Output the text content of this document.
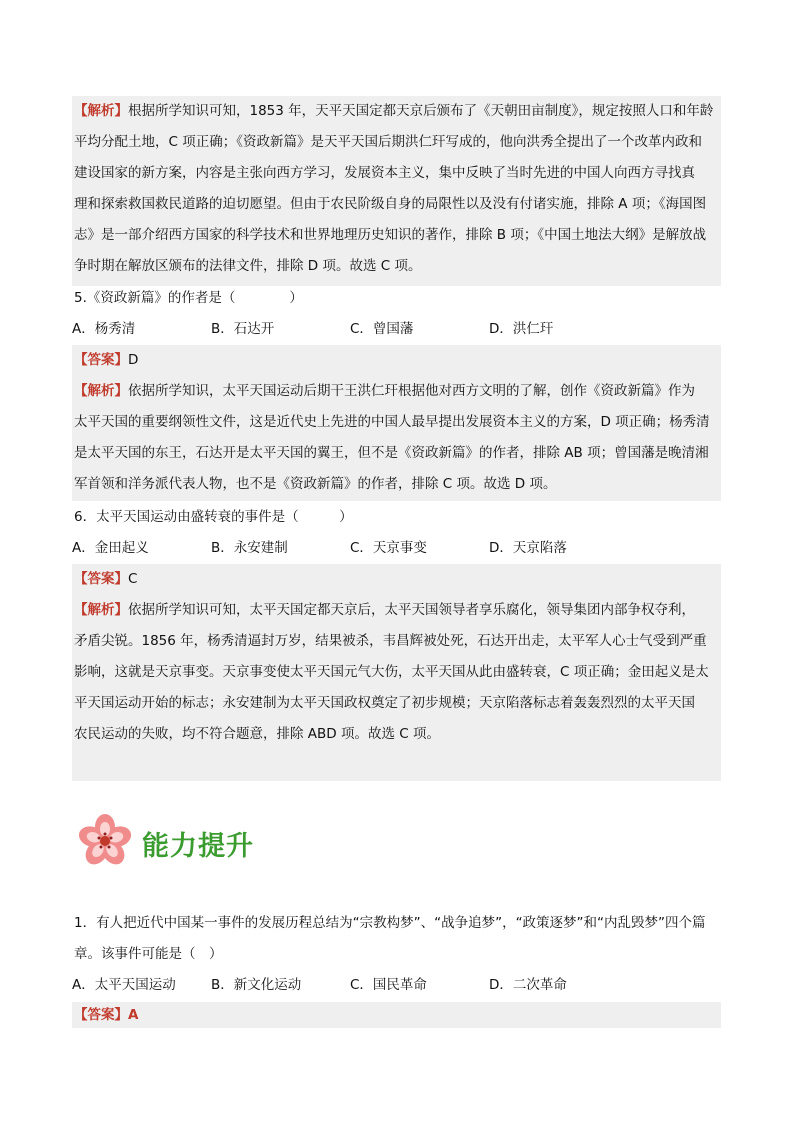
【解析】根据所学知识可知，1853 年，天平天国定都天京后颁布了《天朝田亩制度》，规定按照人口和年龄
平均分配土地，C 项正确；《资政新篇》是天平天国后期洪仁玕写成的，他向洪秀全提出了一个改革内政和
建设国家的新方案，内容是主张向西方学习，发展资本主义，集中反映了当时先进的中国人向西方寻找真
理和探索救国救民道路的迫切愿望。但由于农民阶级自身的局限性以及没有付诸实施，排除 A 项；《海国图
志》是一部介绍西方国家的科学技术和世界地理历史知识的著作，排除 B 项；《中国土地法大纲》是解放战
争时期在解放区颁布的法律文件，排除 D 项。故选 C 项。
5.《资政新篇》的作者是（　　　　）
A．杨秀清	B．石达开	C．曾国藩	D．洪仁玕
【答案】D
【解析】依据所学知识，太平天国运动后期干王洪仁玕根据他对西方文明的了解，创作《资政新篇》作为
太平天国的重要纲领性文件，这是近代史上先进的中国人最早提出发展资本主义的方案，D 项正确；杨秀清
是太平天国的东王，石达开是太平天国的翼王，但不是《资政新篇》的作者，排除 AB 项；曾国藩是晚清湘
军首领和洋务派代表人物，也不是《资政新篇》的作者，排除 C 项。故选 D 项。
6．太平天国运动由盛转衰的事件是（　　　）
A．金田起义	B．永安建制	C．天京事变	D．天京陷落
【答案】C
【解析】依据所学知识可知，太平天国定都天京后，太平天国领导者享乐腐化，领导集团内部争权夺利，
矛盾尖锐。1856 年，杨秀清逼封万岁，结果被杀，韦昌辉被处死，石达开出走，太平军人心士气受到严重
影响，这就是天京事变。天京事变使太平天国元气大伤，太平天国从此由盛转衰，C 项正确；金田起义是太
平天国运动开始的标志；永安建制为太平天国政权奠定了初步规模；天京陷落标志着轰轰烈烈的太平天国
农民运动的失败，均不符合题意，排除 ABD 项。故选 C 项。
1．有人把近代中国某一事件的发展历程总结为“宗教构梦”、“战争追梦”，“政策逐梦”和“内乱毁梦”四个篇
章。该事件可能是（　）
A．太平天国运动	B．新文化运动	C．国民革命	D．二次革命
【答案】A
能力提升
